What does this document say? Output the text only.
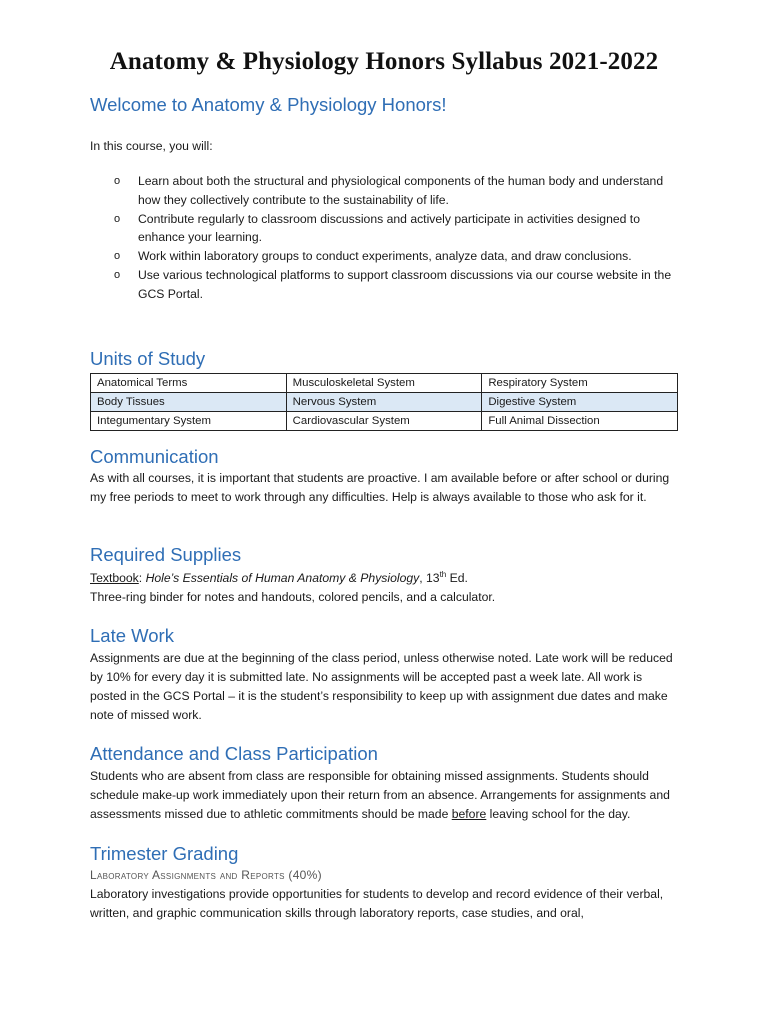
Anatomy & Physiology Honors Syllabus 2021-2022
Welcome to Anatomy & Physiology Honors!
In this course, you will:
o Learn about both the structural and physiological components of the human body and understand how they collectively contribute to the sustainability of life.
o Contribute regularly to classroom discussions and actively participate in activities designed to enhance your learning.
o Work within laboratory groups to conduct experiments, analyze data, and draw conclusions.
o Use various technological platforms to support classroom discussions via our course website in the GCS Portal.
Units of Study
Anatomical Terms	Musculoskeletal System	Respiratory System
Body Tissues	Nervous System	Digestive System
Integumentary System	Cardiovascular System	Full Animal Dissection
Communication
As with all courses, it is important that students are proactive. I am available before or after school or during my free periods to meet to work through any difficulties. Help is always available to those who ask for it.
Required Supplies
Textbook: Hole’s Essentials of Human Anatomy & Physiology, 13th Ed.
Three-ring binder for notes and handouts, colored pencils, and a calculator.
Late Work
Assignments are due at the beginning of the class period, unless otherwise noted. Late work will be reduced by 10% for every day it is submitted late. No assignments will be accepted past a week late. All work is posted in the GCS Portal – it is the student’s responsibility to keep up with assignment due dates and make note of missed work.
Attendance and Class Participation
Students who are absent from class are responsible for obtaining missed assignments. Students should schedule make-up work immediately upon their return from an absence. Arrangements for assignments and assessments missed due to athletic commitments should be made before leaving school for the day.
Trimester Grading
Laboratory Assignments and Reports (40%)
Laboratory investigations provide opportunities for students to develop and record evidence of their verbal, written, and graphic communication skills through laboratory reports, case studies, and oral,
